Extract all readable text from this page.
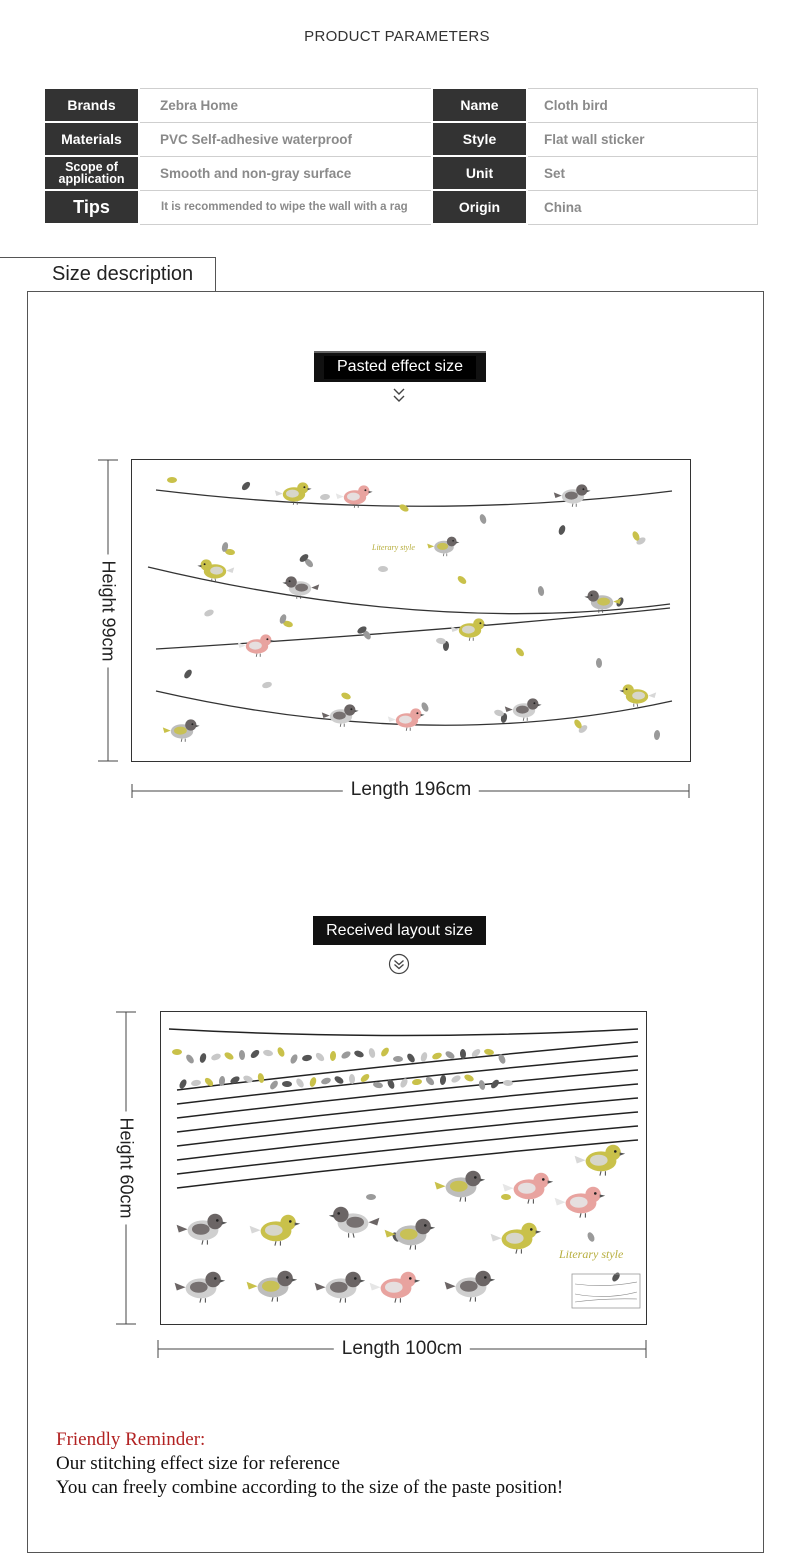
PRODUCT PARAMETERS
Brands	Zebra Home	Name	Cloth bird
Materials	PVC Self-adhesive waterproof	Style	Flat wall sticker
Scope of application	Smooth and non-gray surface	Unit	Set
Tips	It is recommended to wipe the wall with a rag	Origin	China
Size description
Pasted effect size
Height 99cm
Literary style
Length 196cm
Received layout size
Height 60cm
Literary style
Length 100cm
Friendly Reminder:
Our stitching effect size for reference
You can freely combine according to the size of the paste position!
